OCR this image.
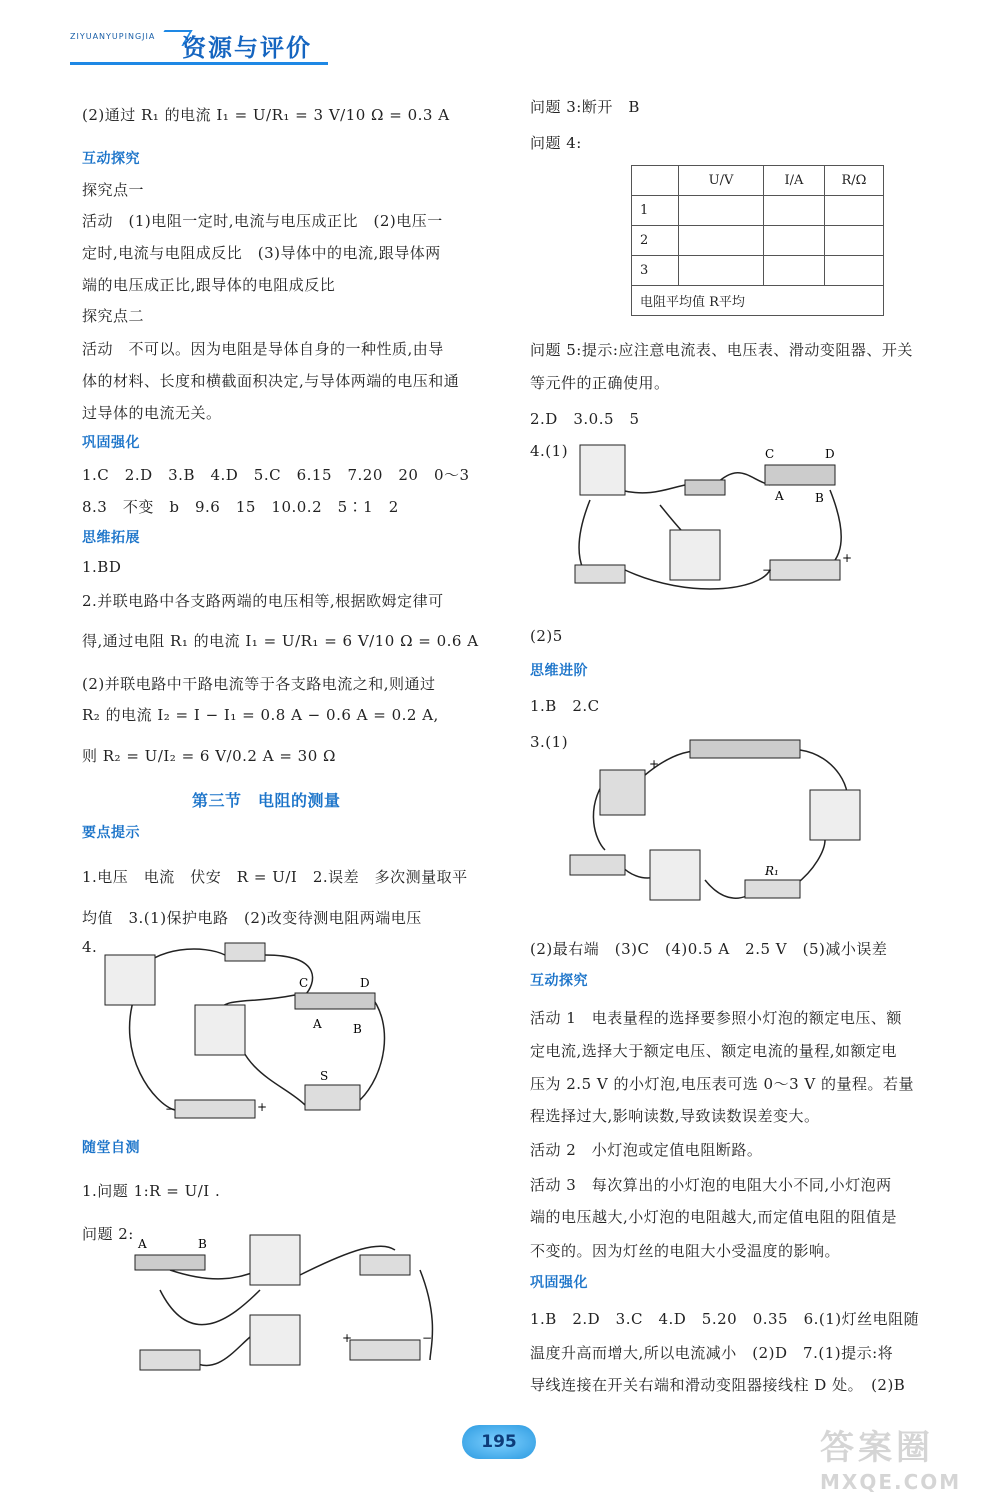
ZIYUANYUPINGJIA 资源与评价
(2)通过 R₁ 的电流 I₁ = U/R₁ = 3 V/10 Ω = 0.3 A
互动探究
探究点一
活动　(1)电阻一定时,电流与电压成正比　(2)电压一
定时,电流与电阻成反比　(3)导体中的电流,跟导体两
端的电压成正比,跟导体的电阻成反比
探究点二
活动　不可以。因为电阻是导体自身的一种性质,由导
体的材料、长度和横截面积决定,与导体两端的电压和通
过导体的电流无关。
巩固强化
1.C　2.D　3.B　4.D　5.C　6.15　7.20　20　0～3
8.3　不变　b　9.6　15　10.0.2　5∶1　2
思维拓展
1.BD
2.并联电路中各支路两端的电压相等,根据欧姆定律可
得,通过电阻 R₁ 的电流 I₁ = U/R₁ = 6 V/10 Ω = 0.6 A
(2)并联电路中干路电流等于各支路电流之和,则通过
R₂ 的电流 I₂ = I − I₁ = 0.8 A − 0.6 A = 0.2 A,
则 R₂ = U/I₂ = 6 V/0.2 A = 30 Ω
第三节　电阻的测量
要点提示
1.电压　电流　伏安　R = U/I　2.误差　多次测量取平
均值　3.(1)保护电路　(2)改变待测电阻两端电压
4.
随堂自测
1.问题 1:R = U/I .
问题 2:
C	D
A	B
S
−	+
A	B
+	−
问题 3:断开　B
问题 4:
问题 5:提示:应注意电流表、电压表、滑动变阻器、开关
等元件的正确使用。
2.D　3.0.5　5
4.(1)
(2)5
思维进阶
1.B　2.C
3.(1)
(2)最右端　(3)C　(4)0.5 A　2.5 V　(5)减小误差
互动探究
活动 1　电表量程的选择要参照小灯泡的额定电压、额
定电流,选择大于额定电压、额定电流的量程,如额定电
压为 2.5 V 的小灯泡,电压表可选 0～3 V 的量程。若量
程选择过大,影响读数,导致读数误差变大。
活动 2　小灯泡或定值电阻断路。
活动 3　每次算出的小灯泡的电阻大小不同,小灯泡两
端的电压越大,小灯泡的电阻越大,而定值电阻的阻值是
不变的。因为灯丝的电阻大小受温度的影响。
巩固强化
1.B　2.D　3.C　4.D　5.20　0.35　6.(1)灯丝电阻随
温度升高而增大,所以电流减小　(2)D　7.(1)提示:将
导线连接在开关右端和滑动变阻器接线柱 D 处。　(2)B
	U/V	I/A	R/Ω
1			
2			
3			
电阻平均值 R平均			
C	D
A	B
−
+
+
R₁
195	答案圈
MXQE.COM
